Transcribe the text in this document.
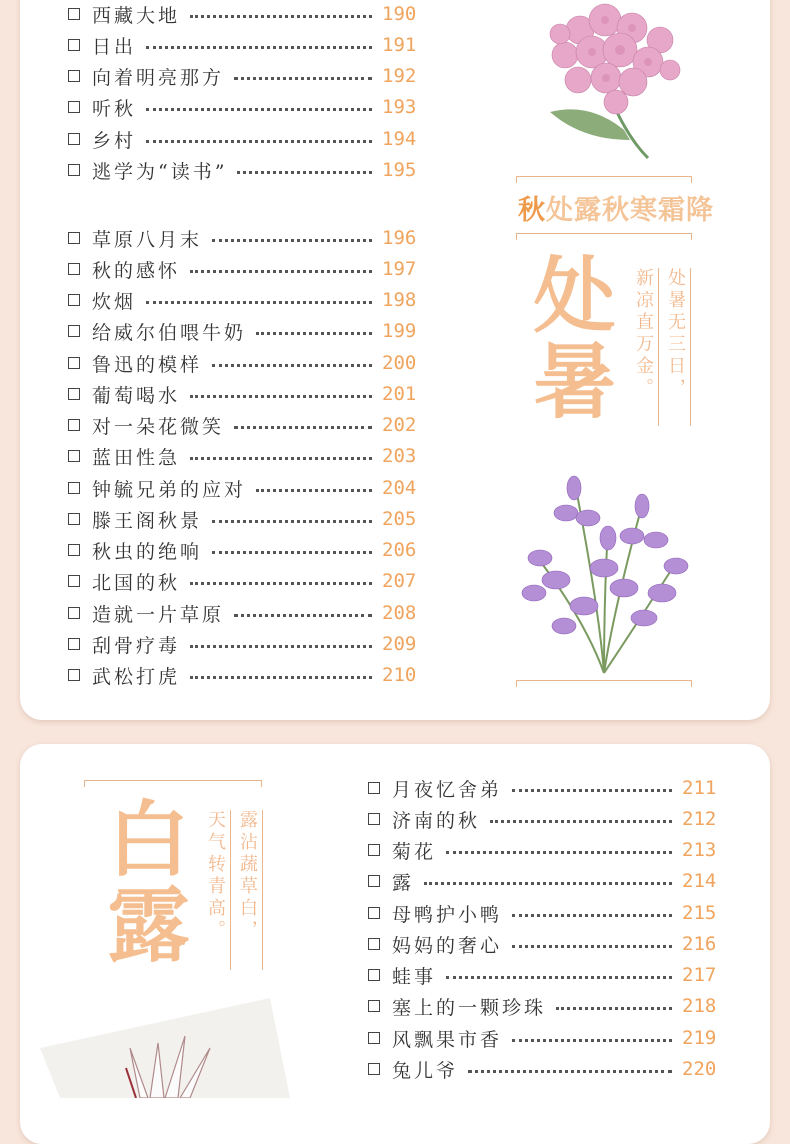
西藏大地	190
日出	191
向着明亮那方	192
听秋	193
乡村	194
逃学为“读书”	195
草原八月末	196
秋的感怀	197
炊烟	198
给威尔伯喂牛奶	199
鲁迅的模样	200
葡萄喝水	201
对一朵花微笑	202
蓝田性急	203
钟毓兄弟的应对	204
滕王阁秋景	205
秋虫的绝响	206
北国的秋	207
造就一片草原	208
刮骨疗毒	209
武松打虎	210
秋处露秋寒霜降
处暑	处暑无三日，
新凉直万金。
白露	露沾蔬草白，
天气转青高。
月夜忆舍弟	211
济南的秋	212
菊花	213
露	214
母鸭护小鸭	215
妈妈的奢心	216
蛙事	217
塞上的一颗珍珠	218
风飘果市香	219
兔儿爷	220
